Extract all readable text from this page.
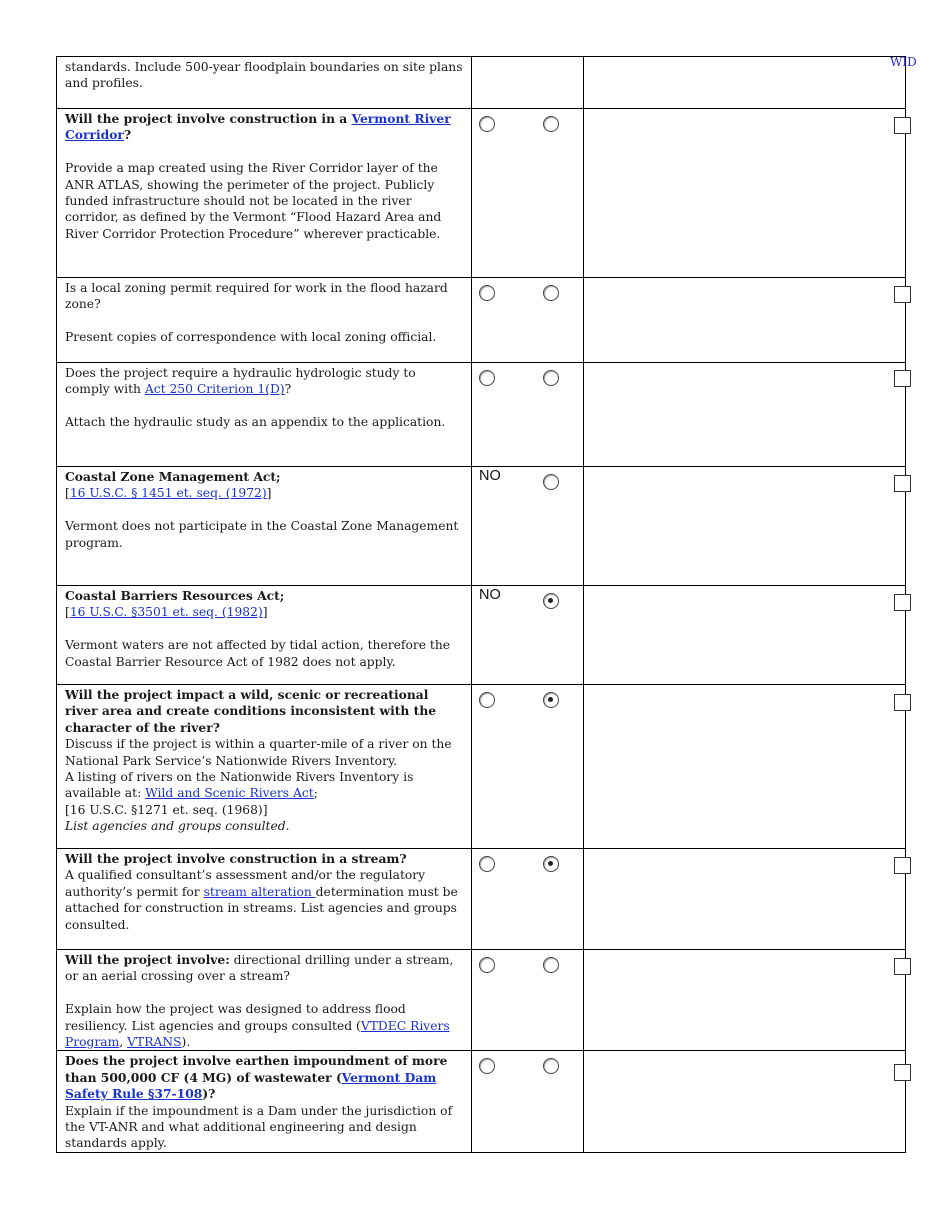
standards. Include 500-year floodplain boundaries on site plans and profiles.		

Will the project involve construction in a Vermont River Corridor?

Provide a map created using the River Corridor layer of the ANR ATLAS, showing the perimeter of the project. Publicly funded infrastructure should not be located in the river corridor, as defined by the Vermont “Flood Hazard Area and River Corridor Protection Procedure” wherever practicable.		

Is a local zoning permit required for work in the flood hazard zone?

Present copies of correspondence with local zoning official.		

Does the project require a hydraulic hydrologic study to comply with Act 250 Criterion 1(D)?

Attach the hydraulic study as an appendix to the application.		

Coastal Zone Management Act;

[16 U.S.C. § 1451 et. seq. (1972)]

Vermont does not participate in the Coastal Zone Management program.	NO	

Coastal Barriers Resources Act;

[16 U.S.C. §3501 et. seq. (1982)]

Vermont waters are not affected by tidal action, therefore the Coastal Barrier Resource Act of 1982 does not apply.	NO	

Will the project impact a wild, scenic or recreational river area and create conditions inconsistent with the character of the river?

Discuss if the project is within a quarter-mile of a river on the National Park Service’s Nationwide Rivers Inventory.

A listing of rivers on the Nationwide Rivers Inventory is available at: Wild and Scenic Rivers Act;

[16 U.S.C. §1271 et. seq. (1968)]

List agencies and groups consulted.		

Will the project involve construction in a stream?

A qualified consultant’s assessment and/or the regulatory authority’s permit for stream alteration determination must be attached for construction in streams. List agencies and groups consulted.		

Will the project involve: directional drilling under a stream, or an aerial crossing over a stream?

Explain how the project was designed to address flood resiliency. List agencies and groups consulted (VTDEC Rivers Program, VTRANS).		

Does the project involve earthen impoundment of more than 500,000 CF (4 MG) of wastewater (Vermont Dam Safety Rule §37-108)?

Explain if the impoundment is a Dam under the jurisdiction of the VT-ANR and what additional engineering and design standards apply.		

WID
